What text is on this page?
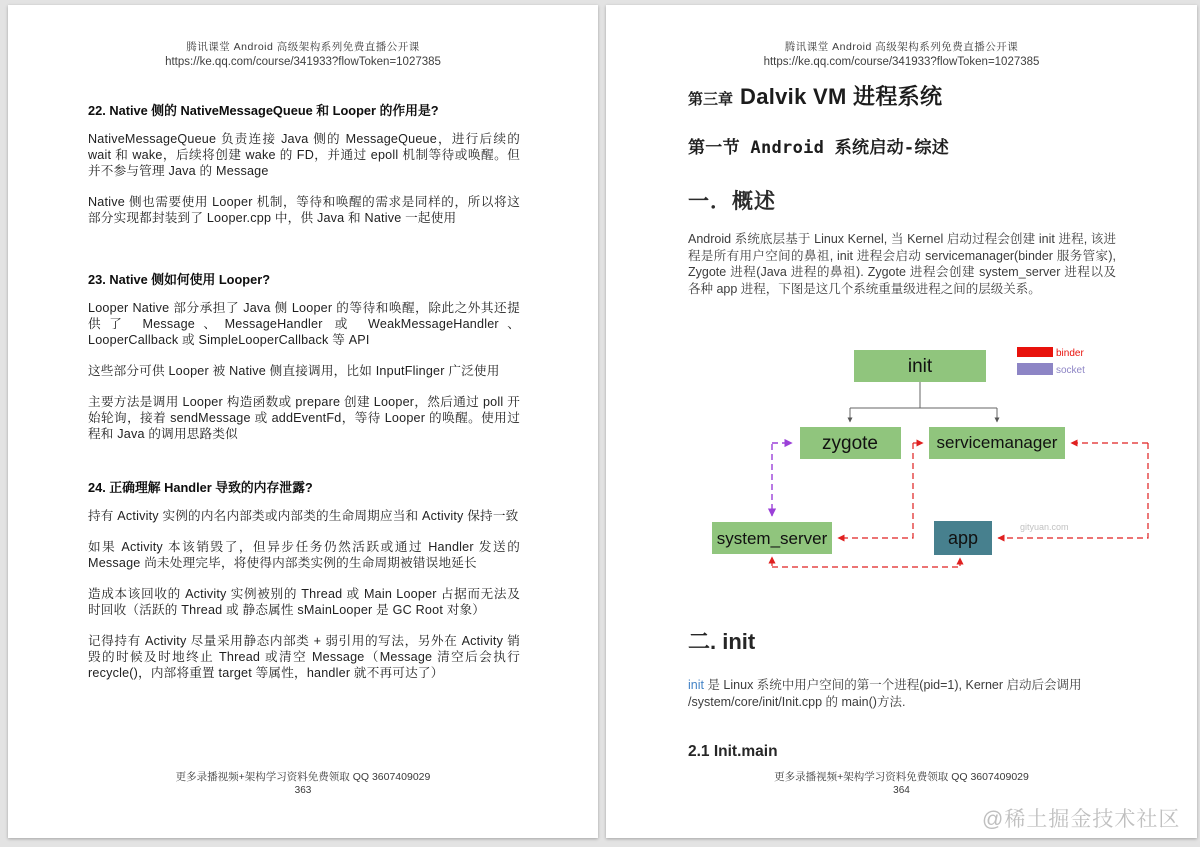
腾讯课堂 Android 高级架构系列免费直播公开课
https://ke.qq.com/course/341933?flowToken=1027385

22. Native 侧的 NativeMessageQueue 和 Looper 的作用是?

NativeMessageQueue 负责连接 Java 侧的 MessageQueue，进行后续的 wait 和 wake，后续将创建 wake 的 FD，并通过 epoll 机制等待或唤醒。但并不参与管理 Java 的 Message

Native 侧也需要使用 Looper 机制，等待和唤醒的需求是同样的，所以将这部分实现都封装到了 Looper.cpp 中，供 Java 和 Native 一起使用

23. Native 侧如何使用 Looper?

Looper Native 部分承担了 Java 侧 Looper 的等待和唤醒，除此之外其还提供了 Message、MessageHandler 或 WeakMessageHandler、LooperCallback 或 SimpleLooperCallback 等 API

这些部分可供 Looper 被 Native 侧直接调用，比如 InputFlinger 广泛使用

主要方法是调用 Looper 构造函数或 prepare 创建 Looper，然后通过 poll 开始轮询，接着 sendMessage 或 addEventFd，等待 Looper 的唤醒。使用过程和 Java 的调用思路类似

24. 正确理解 Handler 导致的内存泄露?

持有 Activity 实例的内名内部类或内部类的生命周期应当和 Activity 保持一致

如果 Activity 本该销毁了，但异步任务仍然活跃或通过 Handler 发送的 Message 尚未处理完毕，将使得内部类实例的生命周期被错误地延长

造成本该回收的 Activity 实例被别的 Thread 或 Main Looper 占据而无法及时回收（活跃的 Thread 或 静态属性 sMainLooper 是 GC Root 对象）

记得持有 Activity 尽量采用静态内部类 + 弱引用的写法，另外在 Activity 销毁的时候及时地终止 Thread 或清空 Message（Message 清空后会执行 recycle()，内部将重置 target 等属性，handler 就不再可达了）

更多录播视频+架构学习资料免费领取 QQ 3607409029
363
腾讯课堂 Android 高级架构系列免费直播公开课
https://ke.qq.com/course/341933?flowToken=1027385
第三章 Dalvik VM 进程系统
第一节 Android 系统启动-综述
一．概述

Android 系统底层基于 Linux Kernel, 当 Kernel 启动过程会创建 init 进程, 该进程是所有用户空间的鼻祖, init 进程会启动 servicemanager(binder 服务管家), Zygote 进程(Java 进程的鼻祖). Zygote 进程会创建 system_server 进程以及各种 app 进程，下图是这几个系统重量级进程之间的层级关系。

init
zygote	servicemanager
system_server	app
binder
socket
gityuan.com
二. init

init 是 Linux 系统中用户空间的第一个进程(pid=1), Kerner 启动后会调用 /system/core/init/Init.cpp 的 main()方法.

2.1 Init.main
更多录播视频+架构学习资料免费领取 QQ 3607409029
364
@稀土掘金技术社区
